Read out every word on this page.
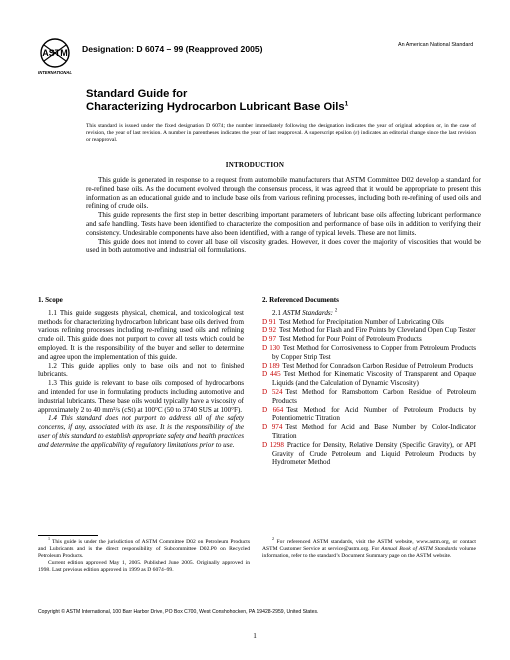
ASTM
INTERNATIONAL
Designation: D 6074 – 99 (Reapproved 2005)	An American National Standard
Standard Guide for
Characterizing Hydrocarbon Lubricant Base Oils$^1$
This standard is issued under the fixed designation D 6074; the number immediately following the designation indicates the year of original adoption or, in the case of revision, the year of last revision. A number in parentheses indicates the year of last reapproval. A superscript epsilon (ε) indicates an editorial change since the last revision or reapproval.
INTRODUCTION

This guide is generated in response to a request from automobile manufacturers that ASTM Committee D02 develop a standard for re-refined base oils. As the document evolved through the consensus process, it was agreed that it would be appropriate to present this information as an educational guide and to include base oils from various refining processes, including both re-refining of used oils and refining of crude oils.

This guide represents the first step in better describing important parameters of lubricant base oils affecting lubricant performance and safe handling. Tests have been identified to characterize the composition and performance of base oils in addition to verifying their consistency. Undesirable components have also been identified, with a range of typical levels. These are not limits.

This guide does not intend to cover all base oil viscosity grades. However, it does cover the majority of viscosities that would be used in both automotive and industrial oil formulations.

1. Scope

1.1 This guide suggests physical, chemical, and toxicological test methods for characterizing hydrocarbon lubricant base oils derived from various refining processes including re-refining used oils and refining crude oil. This guide does not purport to cover all tests which could be employed. It is the responsibility of the buyer and seller to determine and agree upon the implementation of this guide.

1.2 This guide applies only to base oils and not to finished lubricants.

1.3 This guide is relevant to base oils composed of hydrocarbons and intended for use in formulating products including automotive and industrial lubricants. These base oils would typically have a viscosity of approximately 2 to 40 mm²/s (cSt) at 100°C (50 to 3740 SUS at 100°F).

1.4 This standard does not purport to address all of the safety concerns, if any, associated with its use. It is the responsibility of the user of this standard to establish appropriate safety and health practices and determine the applicability of regulatory limitations prior to use.

2. Referenced Documents

2.1 ASTM Standards: $^2$

D 91 Test Method for Precipitation Number of Lubricating Oils
D 92 Test Method for Flash and Fire Points by Cleveland Open Cup Tester
D 97 Test Method for Pour Point of Petroleum Products
D 130 Test Method for Corrosiveness to Copper from Petroleum Products by Copper Strip Test
D 189 Test Method for Conradson Carbon Residue of Petroleum Products
D 445 Test Method for Kinematic Viscosity of Transparent and Opaque Liquids (and the Calculation of Dynamic Viscosity)
D 524 Test Method for Ramsbottom Carbon Residue of Petroleum Products
D 664 Test Method for Acid Number of Petroleum Products by Potentiometric Titration
D 974 Test Method for Acid and Base Number by Color-Indicator Titration
D 1298 Practice for Density, Relative Density (Specific Gravity), or API Gravity of Crude Petroleum and Liquid Petroleum Products by Hydrometer Method

$^1$ This guide is under the jurisdiction of ASTM Committee D02 on Petroleum Products and Lubricants and is the direct responsibility of Subcommittee D02.P0 on Recycled Petroleum Products.
Current edition approved May 1, 2005. Published June 2005. Originally approved in 1998. Last previous edition approved in 1999 as D 6074–99.

$^2$ For referenced ASTM standards, visit the ASTM website, www.astm.org, or contact ASTM Customer Service at service@astm.org. For Annual Book of ASTM Standards volume information, refer to the standard’s Document Summary page on the ASTM website.

Copyright © ASTM International, 100 Barr Harbor Drive, PO Box C700, West Conshohocken, PA 19428-2959, United States.
1
